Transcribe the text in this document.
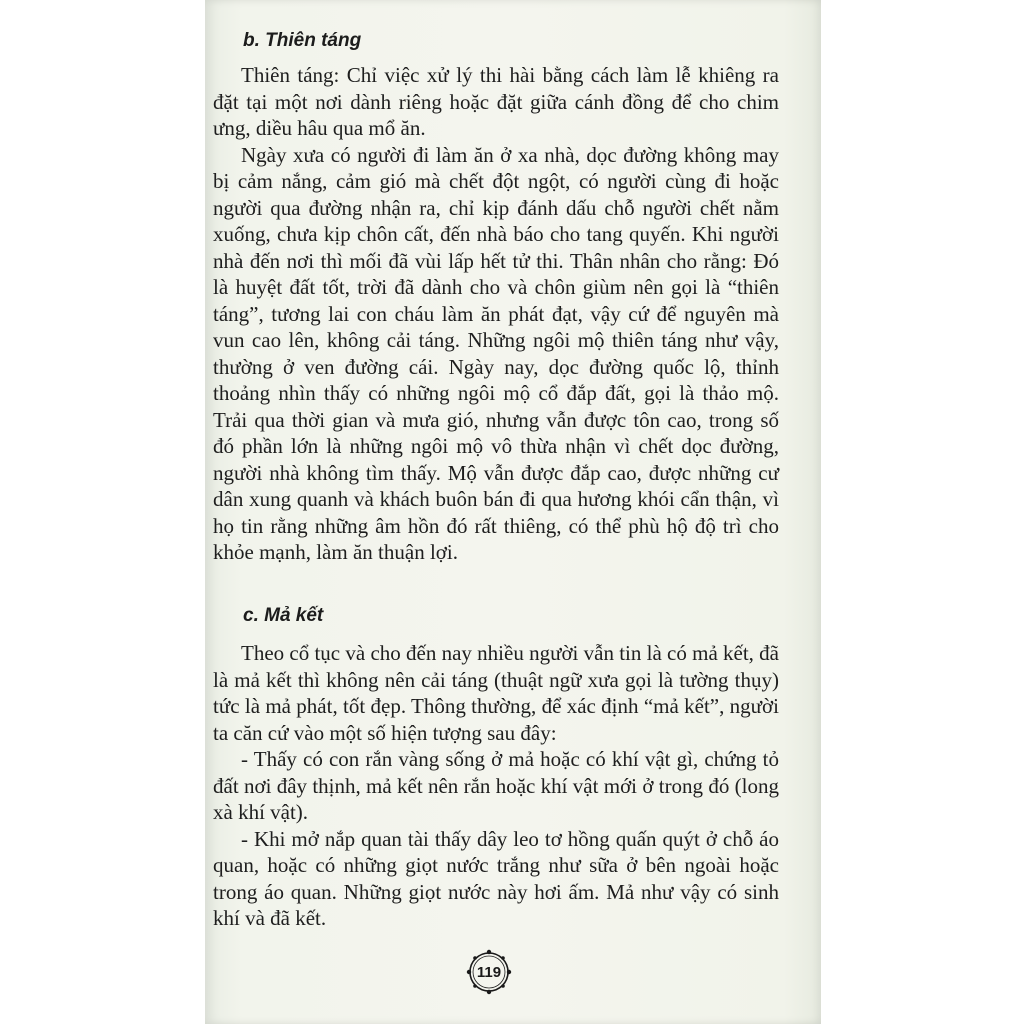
b. Thiên táng

Thiên táng: Chỉ việc xử lý thi hài bằng cách làm lễ khiêng ra đặt tại một nơi dành riêng hoặc đặt giữa cánh đồng để cho chim ưng, diều hâu qua mổ ăn.

Ngày xưa có người đi làm ăn ở xa nhà, dọc đường không may bị cảm nắng, cảm gió mà chết đột ngột, có người cùng đi hoặc người qua đường nhận ra, chỉ kịp đánh dấu chỗ người chết nằm xuống, chưa kịp chôn cất, đến nhà báo cho tang quyến. Khi người nhà đến nơi thì mối đã vùi lấp hết tử thi. Thân nhân cho rằng: Đó là huyệt đất tốt, trời đã dành cho và chôn giùm nên gọi là “thiên táng”, tương lai con cháu làm ăn phát đạt, vậy cứ để nguyên mà vun cao lên, không cải táng. Những ngôi mộ thiên táng như vậy, thường ở ven đường cái. Ngày nay, dọc đường quốc lộ, thỉnh thoảng nhìn thấy có những ngôi mộ cổ đắp đất, gọi là thảo mộ. Trải qua thời gian và mưa gió, nhưng vẫn được tôn cao, trong số đó phần lớn là những ngôi mộ vô thừa nhận vì chết dọc đường, người nhà không tìm thấy. Mộ vẫn được đắp cao, được những cư dân xung quanh và khách buôn bán đi qua hương khói cẩn thận, vì họ tin rằng những âm hồn đó rất thiêng, có thể phù hộ độ trì cho khỏe mạnh, làm ăn thuận lợi.

c. Mả kết

Theo cổ tục và cho đến nay nhiều người vẫn tin là có mả kết, đã là mả kết thì không nên cải táng (thuật ngữ xưa gọi là tường thụy) tức là mả phát, tốt đẹp. Thông thường, để xác định “mả kết”, người ta căn cứ vào một số hiện tượng sau đây:

- Thấy có con rắn vàng sống ở mả hoặc có khí vật gì, chứng tỏ đất nơi đây thịnh, mả kết nên rắn hoặc khí vật mới ở trong đó (long xà khí vật).

- Khi mở nắp quan tài thấy dây leo tơ hồng quấn quýt ở chỗ áo quan, hoặc có những giọt nước trắng như sữa ở bên ngoài hoặc trong áo quan. Những giọt nước này hơi ấm. Mả như vậy có sinh khí và đã kết.

119
